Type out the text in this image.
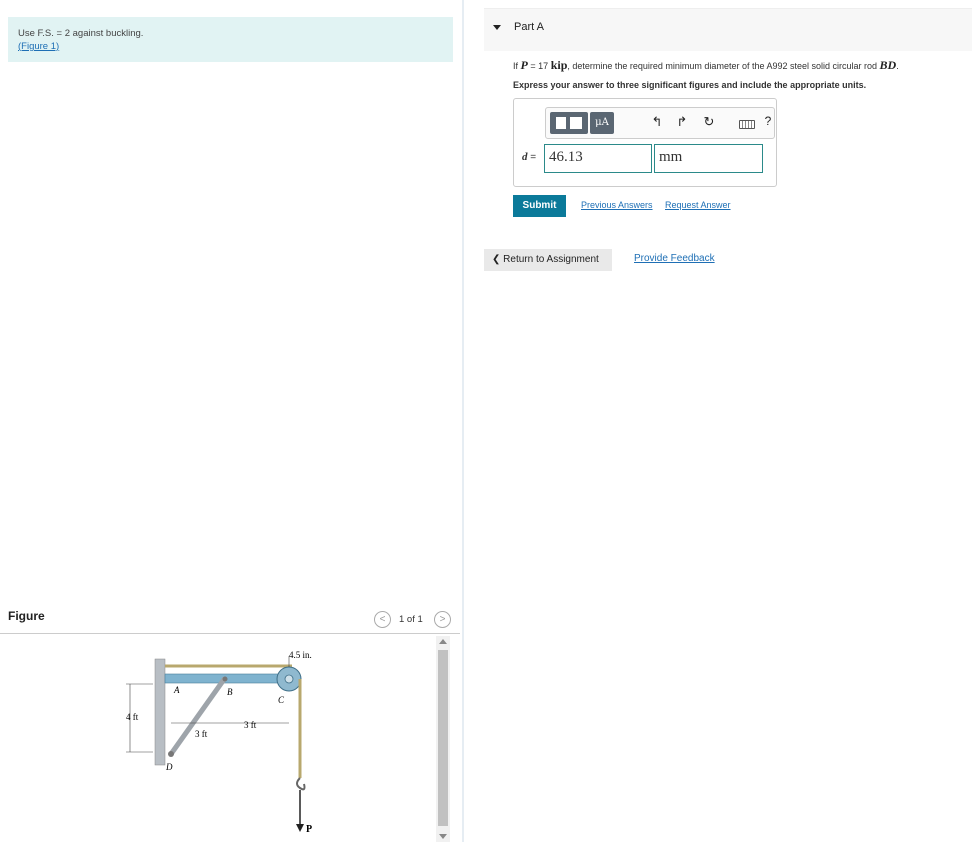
Use F.S. = 2 against buckling.
(Figure 1)
Figure	<	1 of 1	>
4.5 in.
A	B
C
D
4 ft
3 ft
3 ft
P
Part A
If P = 17 kip, determine the required minimum diameter of the A992 steel solid circular rod BD.
Express your answer to three significant figures and include the appropriate units.
μA	↰ ↱ ↻	?
d = 46.13	mm
Submit	Previous Answers Request Answer
❮ Return to Assignment	Provide Feedback
